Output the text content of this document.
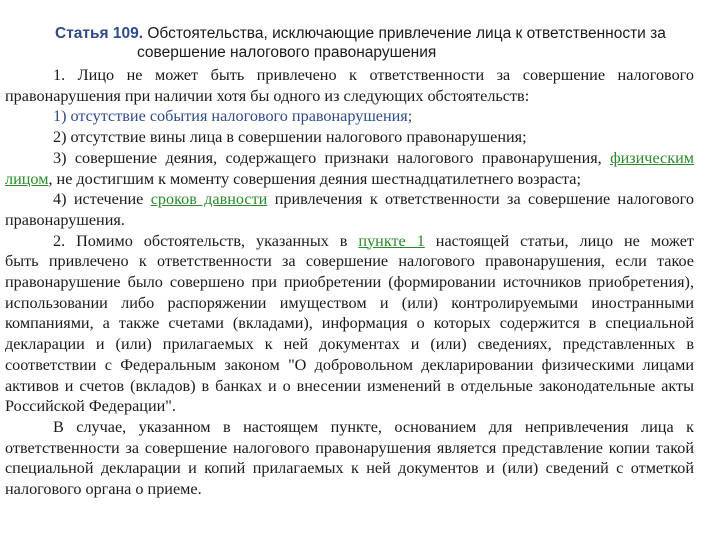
Статья 109. Обстоятельства, исключающие привлечение лица к ответственности за
совершение налогового правонарушения
1. Лицо не может быть привлечено к ответственности за совершение налогового
правонарушения при наличии хотя бы одного из следующих обстоятельств:
1) отсутствие события налогового правонарушения;
2) отсутствие вины лица в совершении налогового правонарушения;
3) совершение деяния, содержащего признаки налогового правонарушения, физическим
лицом, не достигшим к моменту совершения деяния шестнадцатилетнего возраста;
4) истечение сроков давности привлечения к ответственности за совершение налогового
правонарушения.
2. Помимо обстоятельств, указанных в пункте 1 настоящей статьи, лицо не может
быть привлечено к ответственности за совершение налогового правонарушения, если такое
правонарушение было совершено при приобретении (формировании источников приобретения),
использовании либо распоряжении имуществом и (или) контролируемыми иностранными
компаниями, а также счетами (вкладами), информация о которых содержится в специальной
декларации и (или) прилагаемых к ней документах и (или) сведениях, представленных в
соответствии с Федеральным законом "О добровольном декларировании физическими лицами
активов и счетов (вкладов) в банках и о внесении изменений в отдельные законодательные акты
Российской Федерации".
В случае, указанном в настоящем пункте, основанием для непривлечения лица к
ответственности за совершение налогового правонарушения является представление копии такой
специальной декларации и копий прилагаемых к ней документов и (или) сведений с отметкой
налогового органа о приеме.
